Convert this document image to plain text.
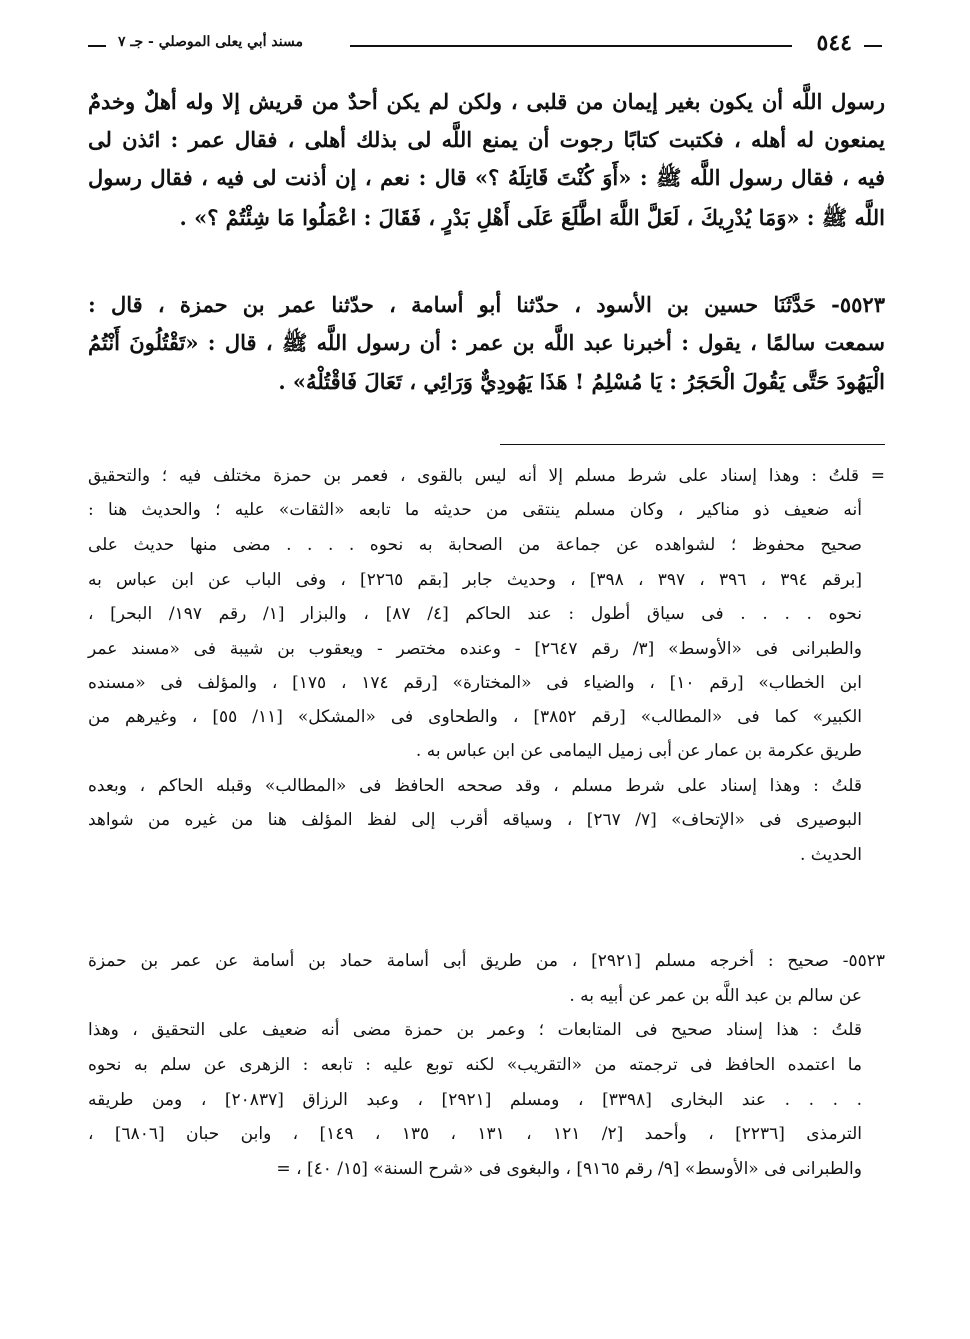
٥٤٤
مسند أبي يعلى الموصلي - جـ ٧
رسول اللَّه أن يكون بغير إيمان من قلبى ، ولكن لم يكن أحدٌ من قريش إلا وله أهلٌ وخدمٌ
يمنعون له أهله ، فكتبت كتابًا رجوت أن يمنع اللَّه لى بذلك أهلى ، فقال عمر : ائذن لى
فيه ، فقال رسول اللَّه ﷺ : «أَوَ كُنْتَ قَاتِلَهُ ؟» قال : نعم ، إن أذنت لى فيه ، فقال رسول
اللَّه ﷺ : «وَمَا يُدْرِيكَ ، لَعَلَّ اللَّهَ اطَّلَعَ عَلَى أَهْلِ بَدْرٍ ، فَقَالَ : اعْمَلُوا مَا شِئْتُمْ ؟» .
٥٥٢٣- حَدَّثَنَا حسين بن الأسود ، حدّثنا أبو أسامة ، حدّثنا عمر بن حمزة ، قال :
سمعت سالمًا ، يقول : أخبرنا عبد اللَّه بن عمر : أن رسول اللَّه ﷺ ، قال : «تَقْتُلُونَ أَنْتُمُ
الْيَهُودَ حَتَّى يَقُولَ الْحَجَرُ : يَا مُسْلِمُ ! هَذَا يَهُودِيٌّ وَرَائِي ، تَعَالَ فَاقْتُلْهُ» .
= قلتُ : وهذا إسناد على شرط مسلم إلا أنه ليس بالقوى ، فعمر بن حمزة مختلف فيه ؛ والتحقيق
أنه ضعيف ذو مناكير ، وكان مسلم ينتقى من حديثه ما تابعه «الثقات» عليه ؛ والحديث هنا :
صحيح محفوظ ؛ لشواهده عن جماعة من الصحابة به نحوه . . . . مضى منها حديث على
[برقم ٣٩٤ ، ٣٩٦ ، ٣٩٧ ، ٣٩٨] ، وحديث جابر [بقم ٢٢٦٥] ، وفى الباب عن ابن عباس به
نحوه . . . . فى سياق أطول : عند الحاكم [٤/ ٨٧] ، والبزار [١/ رقم ١٩٧/ البحر] ،
والطبرانى فى «الأوسط» [٣/ رقم ٢٦٤٧] - وعنده مختصر - ويعقوب بن شيبة فى «مسند عمر
ابن الخطاب» [رقم ١٠] ، والضياء فى «المختارة» [رقم ١٧٤ ، ١٧٥] ، والمؤلف فى «مسنده
الكبير» كما فى «المطالب» [رقم ٣٨٥٢] ، والطحاوى فى «المشكل» [١١/ ٥٥] ، وغيرهم من
طريق عكرمة بن عمار عن أبى زميل اليمامى عن ابن عباس به .
قلتُ : وهذا إسناد على شرط مسلم ، وقد صححه الحافظ فى «المطالب» وقبله الحاكم ، وبعده
البوصيرى فى «الإتحاف» [٧/ ٢٦٧] ، وسياقه أقرب إلى لفظ المؤلف هنا من غيره من شواهد
الحديث .
٥٥٢٣- صحيح : أخرجه مسلم [٢٩٢١] ، من طريق أبى أسامة حماد بن أسامة عن عمر بن حمزة
عن سالم بن عبد اللَّه بن عمر عن أبيه به .
قلتُ : هذا إسناد صحيح فى المتابعات ؛ وعمر بن حمزة مضى أنه ضعيف على التحقيق ، وهذا
ما اعتمده الحافظ فى ترجمته من «التقريب» لكنه توبع عليه : تابعه : الزهرى عن سلم به نحوه
. . . . عند البخارى [٣٣٩٨] ، ومسلم [٢٩٢١] ، وعبد الرزاق [٢٠٨٣٧] ، ومن طريقه
الترمذى [٢٢٣٦] ، وأحمد [٢/ ١٢١ ، ١٣١ ، ١٣٥ ، ١٤٩] ، وابن حبان [٦٨٠٦] ،
والطبرانى فى «الأوسط» [٩/ رقم ٩١٦٥] ، والبغوى فى «شرح السنة» [١٥/ ٤٠] ، =
